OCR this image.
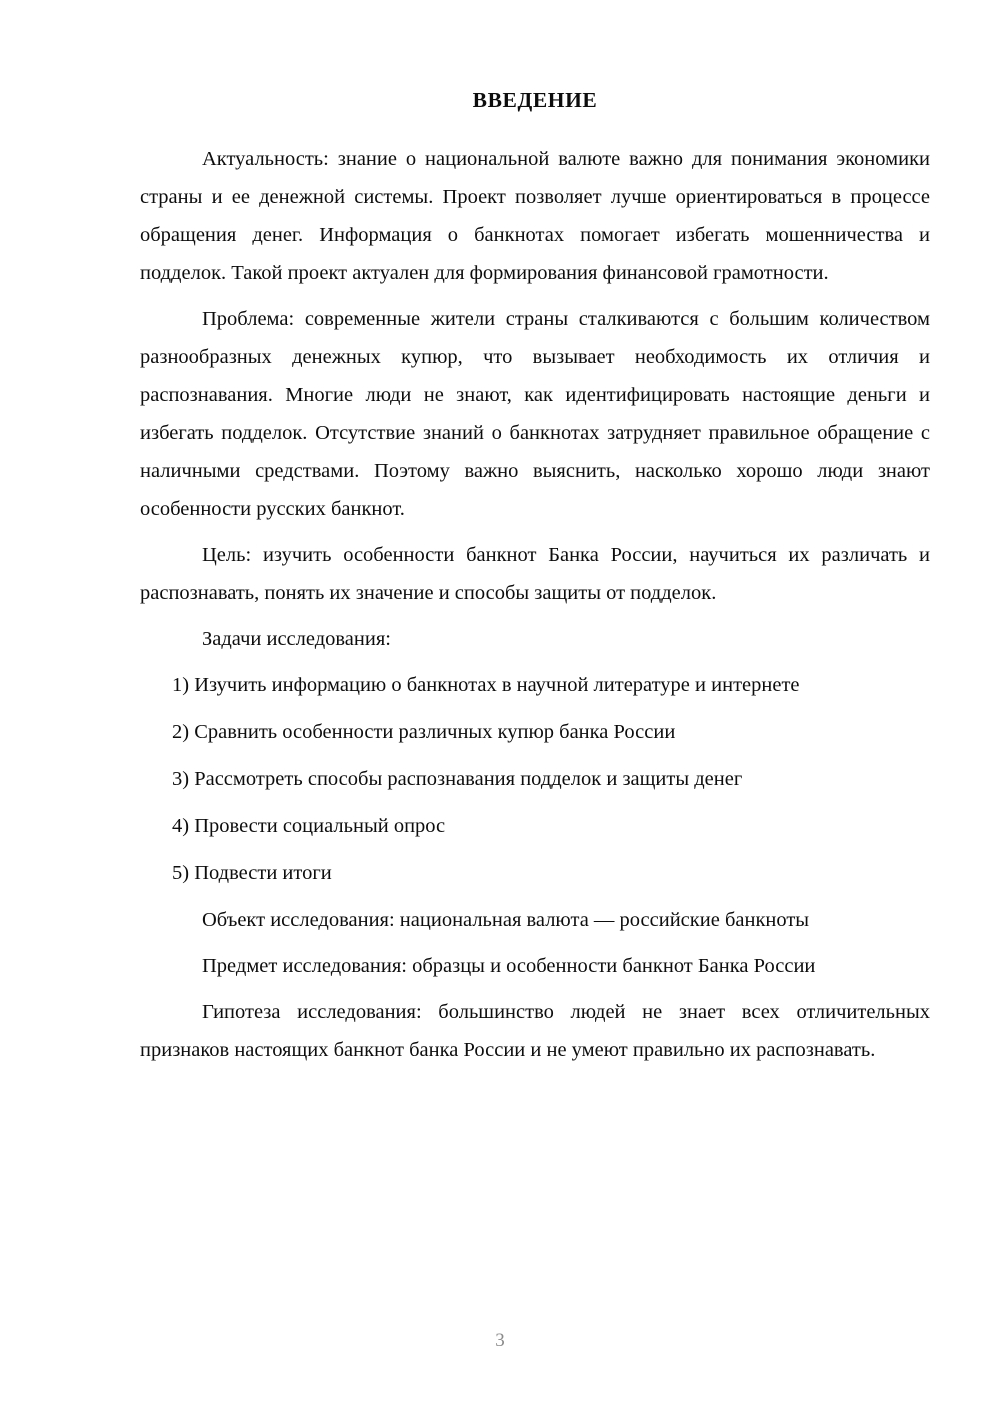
ВВЕДЕНИЕ

Актуальность: знание о национальной валюте важно для понимания экономики страны и ее денежной системы. Проект позволяет лучше ориентироваться в процессе обращения денег. Информация о банкнотах помогает избегать мошенничества и подделок. Такой проект актуален для формирования финансовой грамотности.

Проблема: современные жители страны сталкиваются с большим количеством разнообразных денежных купюр, что вызывает необходимость их отличия и распознавания. Многие люди не знают, как идентифицировать настоящие деньги и избегать подделок. Отсутствие знаний о банкнотах затрудняет правильное обращение с наличными средствами. Поэтому важно выяснить, насколько хорошо люди знают особенности русских банкнот.

Цель: изучить особенности банкнот Банка России, научиться их различать и распознавать, понять их значение и способы защиты от подделок.

Задачи исследования:

1) Изучить информацию о банкнотах в научной литературе и интернете
2) Сравнить особенности различных купюр банка России
3) Рассмотреть способы распознавания подделок и защиты денег
4) Провести социальный опрос
5) Подвести итоги

Объект исследования: национальная валюта — российские банкноты

Предмет исследования: образцы и особенности банкнот Банка России

Гипотеза исследования: большинство людей не знает всех отличительных признаков настоящих банкнот банка России и не умеют правильно их распознавать.

3
